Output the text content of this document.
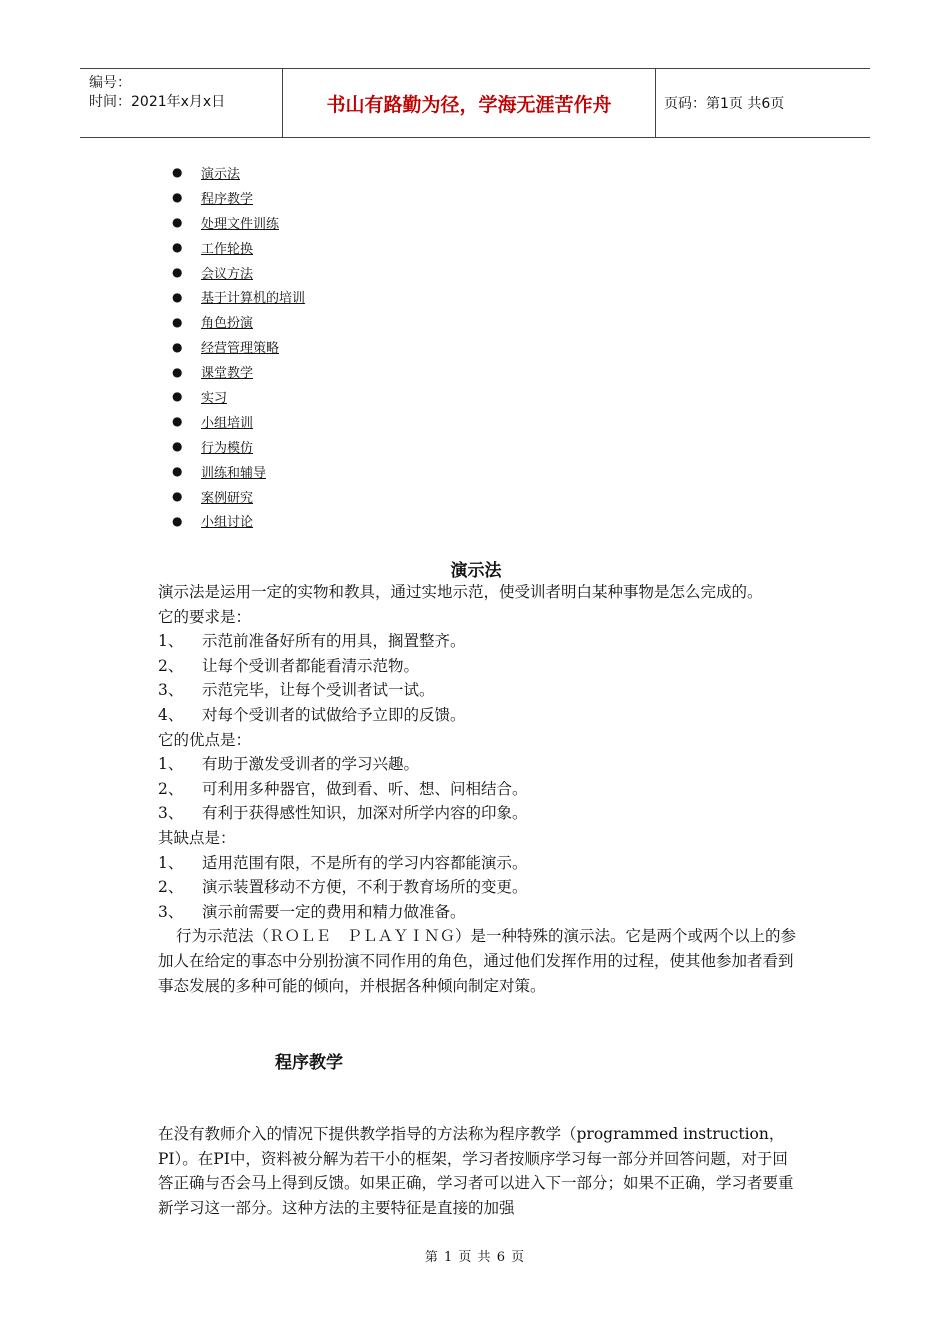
编号：
时间：2021年x月x日	书山有路勤为径，学海无涯苦作舟	页码：第1页 共6页
●	演示法
●	程序教学
●	处理文件训练
●	工作轮换
●	会议方法
●	基于计算机的培训
●	角色扮演
●	经营管理策略
●	课堂教学
●	实习
●	小组培训
●	行为模仿
●	训练和辅导
●	案例研究
●	小组讨论
演示法

演示法是运用一定的实物和教具，通过实地示范，使受训者明白某种事物是怎么完成的。

它的要求是：

1、 示范前准备好所有的用具，搁置整齐。

2、 让每个受训者都能看清示范物。

3、 示范完毕，让每个受训者试一试。

4、 对每个受训者的试做给予立即的反馈。

它的优点是：

1、 有助于激发受训者的学习兴趣。

2、 可利用多种器官，做到看、听、想、问相结合。

3、 有利于获得感性知识，加深对所学内容的印象。

其缺点是：

1、 适用范围有限，不是所有的学习内容都能演示。

2、 演示装置移动不方便，不利于教育场所的变更。

3、 演示前需要一定的费用和精力做准备。

行为示范法（ＲＯＬＥ　ＰＬＡＹＩＮＧ）是一种特殊的演示法。它是两个或两个以上的参加人在给定的事态中分别扮演不同作用的角色，通过他们发挥作用的过程，使其他参加者看到事态发展的多种可能的倾向，并根据各种倾向制定对策。

程序教学

在没有教师介入的情况下提供教学指导的方法称为程序教学（programmed instruction，PI）。在PI中，资料被分解为若干小的框架，学习者按顺序学习每一部分并回答问题，对于回答正确与否会马上得到反馈。如果正确，学习者可以进入下一部分；如果不正确，学习者要重新学习这一部分。这种方法的主要特征是直接的加强

第 1 页 共 6 页
